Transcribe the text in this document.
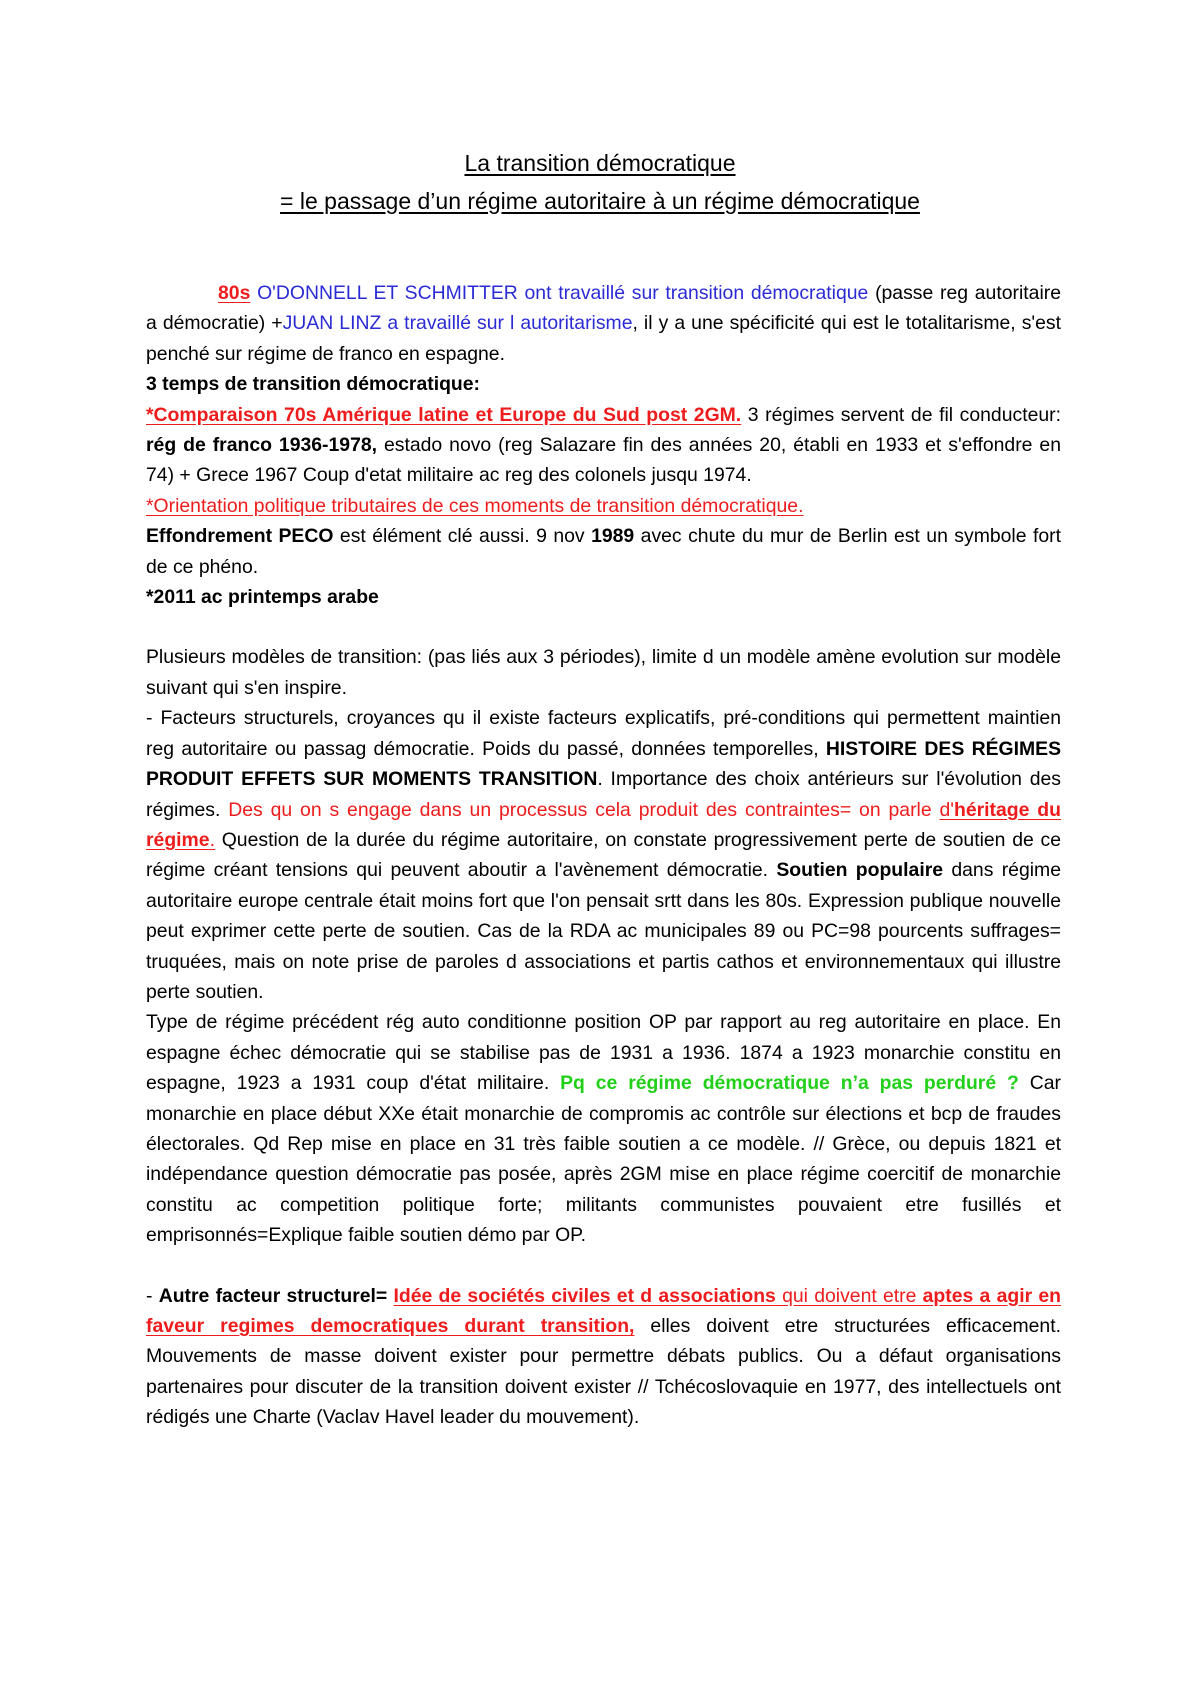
La transition démocratique

= le passage d’un régime autoritaire à un régime démocratique

80s O'DONNELL ET SCHMITTER ont travaillé sur transition démocratique (passe reg autoritaire a démocratie) +JUAN LINZ a travaillé sur l autoritarisme, il y a une spécificité qui est le totalitarisme, s'est penché sur régime de franco en espagne.

3 temps de transition démocratique:

*Comparaison 70s Amérique latine et Europe du Sud post 2GM. 3 régimes servent de fil conducteur: rég de franco 1936-1978, estado novo (reg Salazare fin des années 20, établi en 1933 et s'effondre en 74) + Grece 1967 Coup d'etat militaire ac reg des colonels jusqu 1974.

*Orientation politique tributaires de ces moments de transition démocratique.

Effondrement PECO est élément clé aussi. 9 nov 1989 avec chute du mur de Berlin est un symbole fort de ce phéno.

*2011 ac printemps arabe

Plusieurs modèles de transition: (pas liés aux 3 périodes), limite d un modèle amène evolution sur modèle suivant qui s'en inspire.

- Facteurs structurels, croyances qu il existe facteurs explicatifs, pré-conditions qui permettent maintien reg autoritaire ou passag démocratie. Poids du passé, données temporelles, HISTOIRE DES RÉGIMES PRODUIT EFFETS SUR MOMENTS TRANSITION. Importance des choix antérieurs sur l'évolution des régimes. Des qu on s engage dans un processus cela produit des contraintes= on parle d'héritage du régime. Question de la durée du régime autoritaire, on constate progressivement perte de soutien de ce régime créant tensions qui peuvent aboutir a l'avènement démocratie. Soutien populaire dans régime autoritaire europe centrale était moins fort que l'on pensait srtt dans les 80s. Expression publique nouvelle peut exprimer cette perte de soutien. Cas de la RDA ac municipales 89 ou PC=98 pourcents suffrages= truquées, mais on note prise de paroles d associations et partis cathos et environnementaux qui illustre perte soutien.

Type de régime précédent rég auto conditionne position OP par rapport au reg autoritaire en place. En espagne échec démocratie qui se stabilise pas de 1931 a 1936. 1874 a 1923 monarchie constitu en espagne, 1923 a 1931 coup d'état militaire. Pq ce régime démocratique n’a pas perduré ? Car monarchie en place début XXe était monarchie de compromis ac contrôle sur élections et bcp de fraudes électorales. Qd Rep mise en place en 31 très faible soutien a ce modèle. // Grèce, ou depuis 1821 et indépendance question démocratie pas posée, après 2GM mise en place régime coercitif de monarchie constitu ac competition politique forte; militants communistes pouvaient etre fusillés et emprisonnés=Explique faible soutien démo par OP.

- Autre facteur structurel= Idée de sociétés civiles et d associations qui doivent etre aptes a agir en faveur regimes democratiques durant transition, elles doivent etre structurées efficacement. Mouvements de masse doivent exister pour permettre débats publics. Ou a défaut organisations partenaires pour discuter de la transition doivent exister // Tchécoslovaquie en 1977, des intellectuels ont rédigés une Charte (Vaclav Havel leader du mouvement).
